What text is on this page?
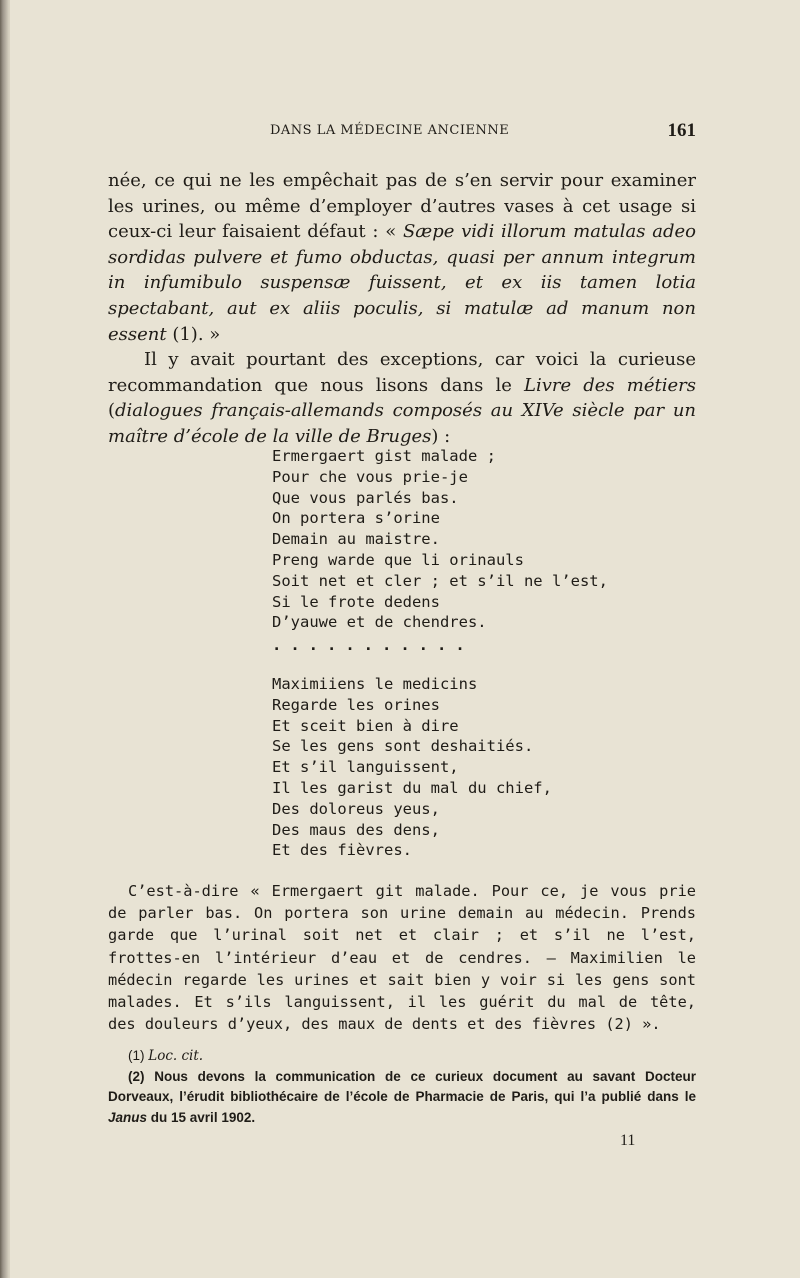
DANS LA MÉDECINE ANCIENNE	161

née, ce qui ne les empêchait pas de s’en servir pour examiner les urines, ou même d’employer d’autres vases à cet usage si ceux-ci leur faisaient défaut : « Sæpe vidi illorum matulas adeo sordidas pulvere et fumo obductas, quasi per annum integrum in infumibulo suspensæ fuissent, et ex iis tamen lotia spectabant, aut ex aliis poculis, si matulæ ad manum non essent (1). »

Il y avait pourtant des exceptions, car voici la curieuse recommandation que nous lisons dans le Livre des métiers (dialogues français-allemands composés au XIVe siècle par un maître d’école de la ville de Bruges) :

Ermergaert gist malade ;
Pour che vous prie-je
Que vous parlés bas.
On portera s’orine
Demain au maistre.
Preng warde que li orinauls
Soit net et cler ; et s’il ne l’est,
Si le frote dedens
D’yauwe et de chendres.
...........
Maximiiens le medicins
Regarde les orines
Et sceit bien à dire
Se les gens sont deshaitiés.
Et s’il languissent,
Il les garist du mal du chief,
Des doloreus yeus,
Des maus des dens,
Et des fièvres.

C’est-à-dire « Ermergaert git malade. Pour ce, je vous prie de parler bas. On portera son urine demain au médecin. Prends garde que l’urinal soit net et clair ; et s’il ne l’est, frottes-en l’intérieur d’eau et de cendres. — Maximilien le médecin regarde les urines et sait bien y voir si les gens sont malades. Et s’ils languissent, il les guérit du mal de tête, des douleurs d’yeux, des maux de dents et des fièvres (2) ».

(1) Loc. cit.

(2) Nous devons la communication de ce curieux document au savant Docteur Dorveaux, l’érudit bibliothécaire de l’école de Pharmacie de Paris, qui l’a publié dans le Janus du 15 avril 1902.

11
